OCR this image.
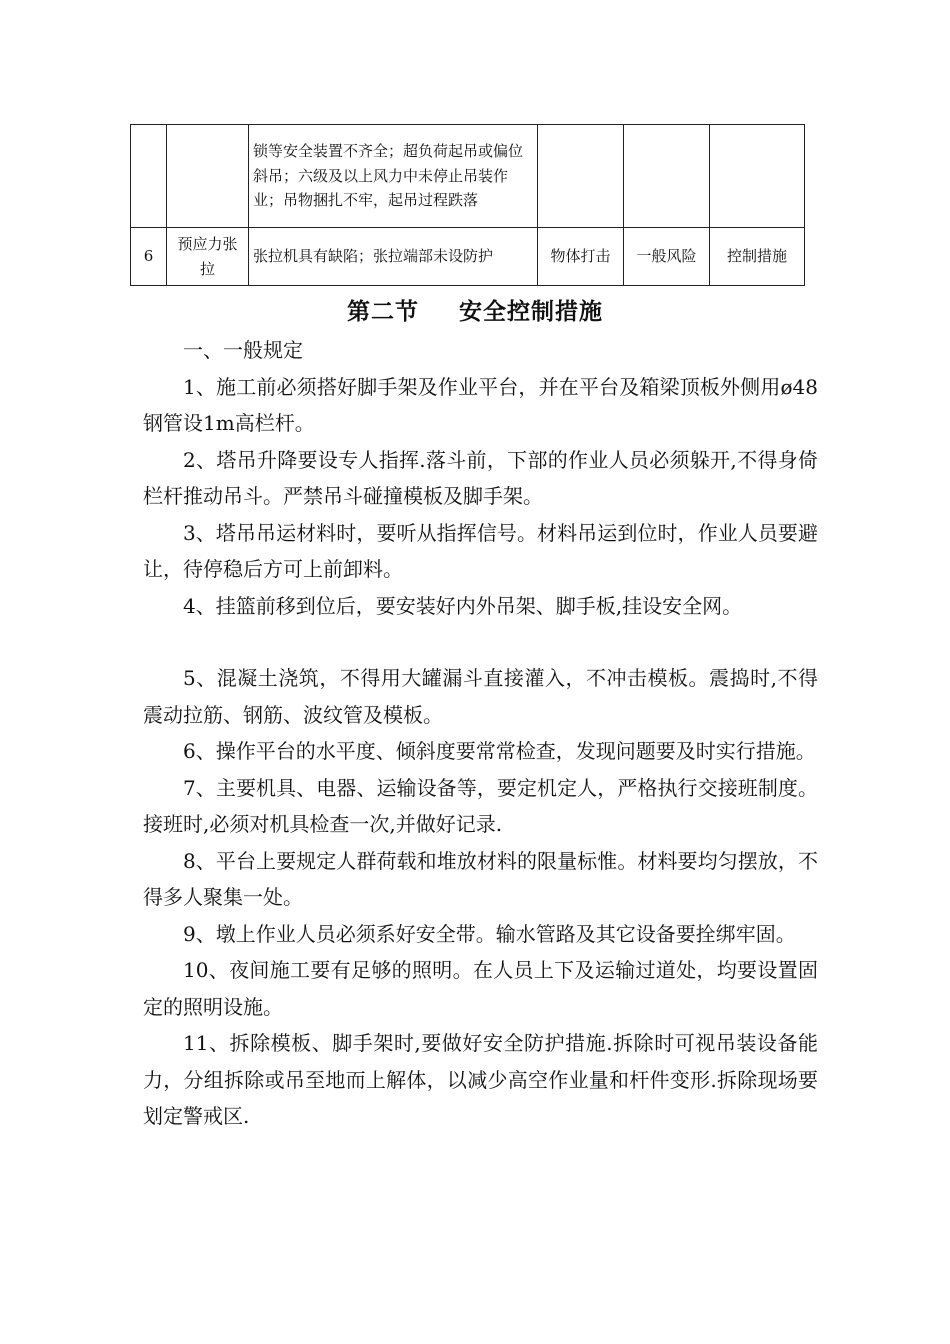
		锁等安全装置不齐全；超负荷起吊或偏位斜吊；六级及以上风力中未停止吊装作业；吊物捆扎不牢，起吊过程跌落			
6	预应力张拉	张拉机具有缺陷；张拉端部未设防护	物体打击	一般风险	控制措施
第二节 安全控制措施

一、一般规定

1、施工前必须搭好脚手架及作业平台，并在平台及箱梁顶板外侧用ø48钢管设1m高栏杆。

2、塔吊升降要设专人指挥.落斗前，下部的作业人员必须躲开,不得身倚栏杆推动吊斗。严禁吊斗碰撞模板及脚手架。

3、塔吊吊运材料时，要听从指挥信号。材料吊运到位时，作业人员要避让，待停稳后方可上前卸料。

4、挂篮前移到位后，要安装好内外吊架、脚手板,挂设安全网。

5、混凝土浇筑，不得用大罐漏斗直接灌入，不冲击模板。震捣时,不得震动拉筋、钢筋、波纹管及模板。

6、操作平台的水平度、倾斜度要常常检查，发现问题要及时实行措施。

7、主要机具、电器、运输设备等，要定机定人，严格执行交接班制度。接班时,必须对机具检查一次,并做好记录.

8、平台上要规定人群荷载和堆放材料的限量标惟。材料要均匀摆放，不得多人聚集一处。

9、墩上作业人员必须系好安全带。输水管路及其它设备要拴绑牢固。

10、夜间施工要有足够的照明。在人员上下及运输过道处，均要设置固定的照明设施。

11、拆除模板、脚手架时,要做好安全防护措施.拆除时可视吊装设备能力，分组拆除或吊至地而上解体，以减少高空作业量和杆件变形.拆除现场要划定警戒区.
